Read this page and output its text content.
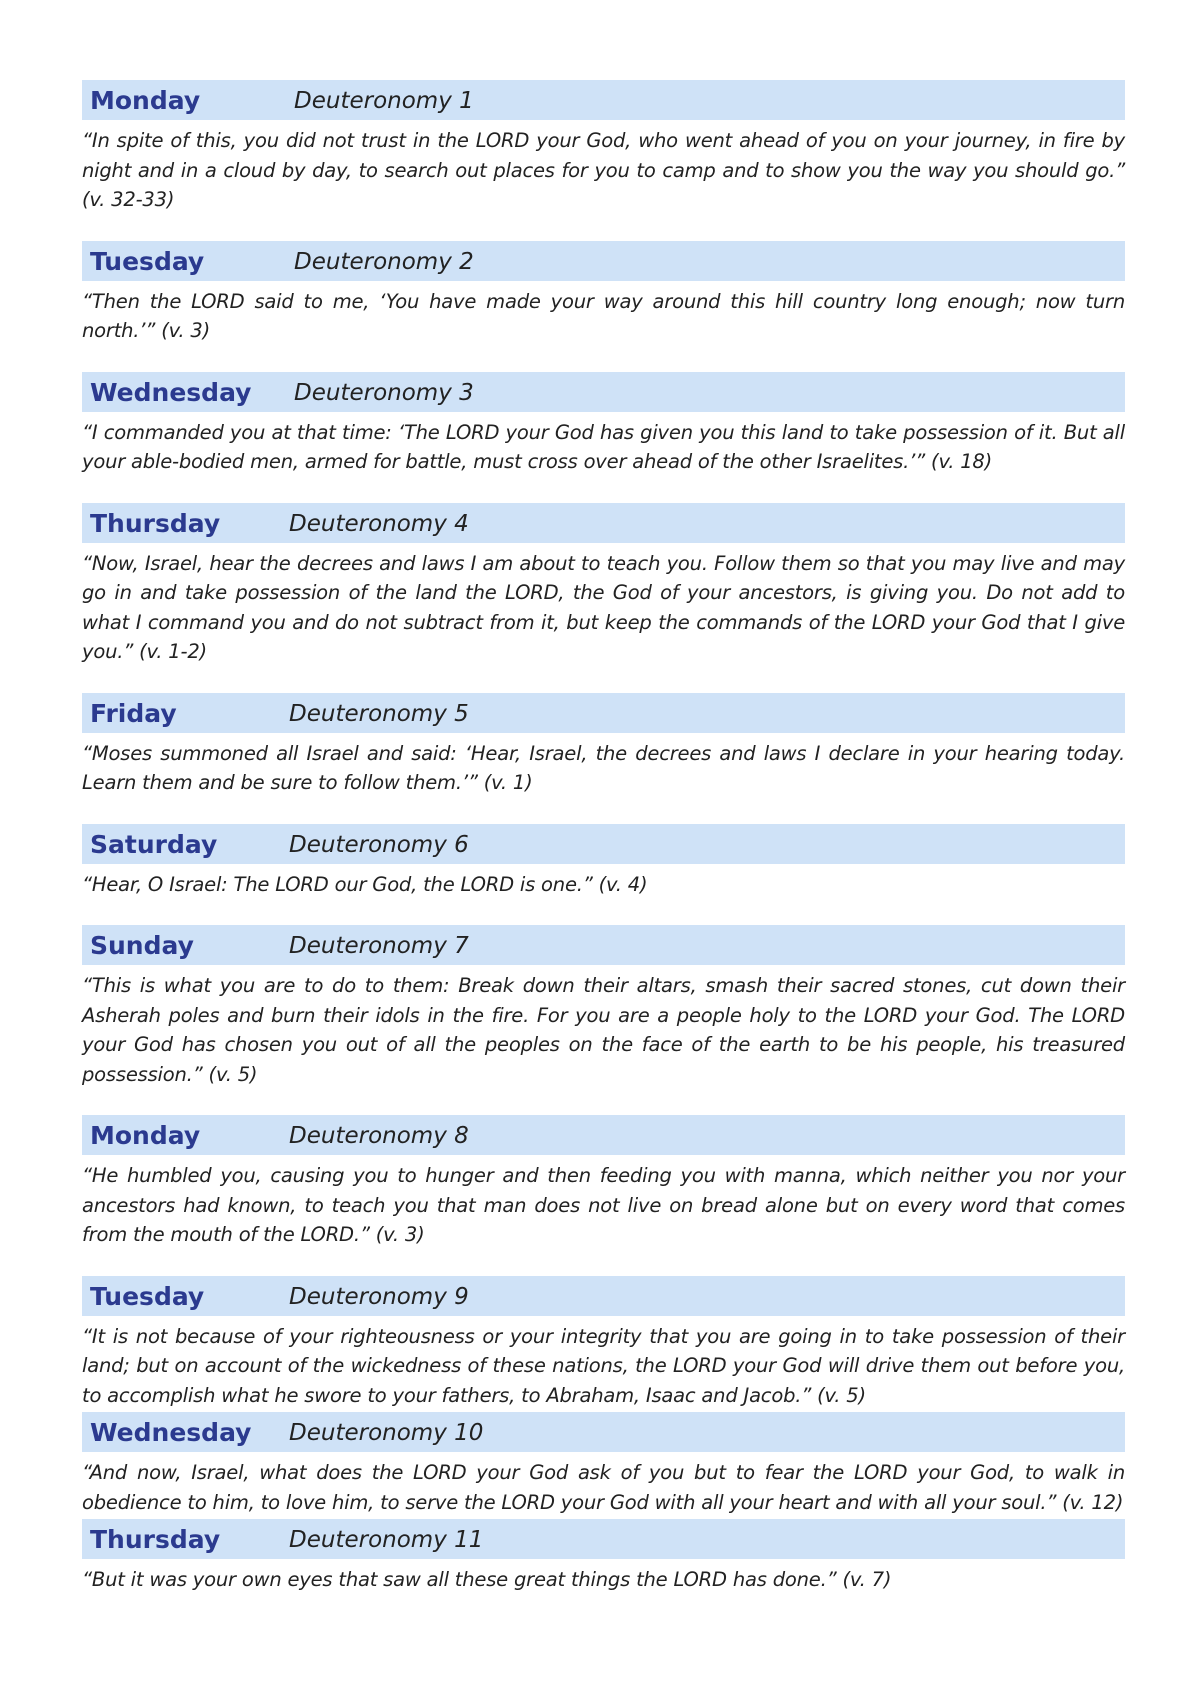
Monday	Deuteronomy 1

“In spite of this, you did not trust in the LORD your God, who went ahead of you on your journey, in fire by night and in a cloud by day, to search out places for you to camp and to show you the way you should go.” (v. 32-33)

Tuesday	Deuteronomy 2

“Then the LORD said to me, ‘You have made your way around this hill country long enough; now turn north.’” (v. 3)

Wednesday Deuteronomy 3

“I commanded you at that time: ‘The LORD your God has given you this land to take possession of it. But all your able-bodied men, armed for battle, must cross over ahead of the other Israelites.’” (v. 18)

Thursday	Deuteronomy 4

“Now, Israel, hear the decrees and laws I am about to teach you. Follow them so that you may live and may go in and take possession of the land the LORD, the God of your ancestors, is giving you. Do not add to what I command you and do not subtract from it, but keep the commands of the LORD your God that I give you.” (v. 1-2)

Friday	Deuteronomy 5

“Moses summoned all Israel and said: ‘Hear, Israel, the decrees and laws I declare in your hearing today. Learn them and be sure to follow them.’” (v. 1)

Saturday	Deuteronomy 6

“Hear, O Israel: The LORD our God, the LORD is one.” (v. 4)

Sunday	Deuteronomy 7

“This is what you are to do to them: Break down their altars, smash their sacred stones, cut down their Asherah poles and burn their idols in the fire. For you are a people holy to the LORD your God. The LORD your God has chosen you out of all the peoples on the face of the earth to be his people, his treasured possession.” (v. 5)

Monday	Deuteronomy 8

“He humbled you, causing you to hunger and then feeding you with manna, which neither you nor your ancestors had known, to teach you that man does not live on bread alone but on every word that comes from the mouth of the LORD.” (v. 3)

Tuesday	Deuteronomy 9

“It is not because of your righteousness or your integrity that you are going in to take possession of their land; but on account of the wickedness of these nations, the LORD your God will drive them out before you, to accomplish what he swore to your fathers, to Abraham, Isaac and Jacob.” (v. 5)

Wednesday Deuteronomy 10

“And now, Israel, what does the LORD your God ask of you but to fear the LORD your God, to walk in obedience to him, to love him, to serve the LORD your God with all your heart and with all your soul.” (v. 12)

Thursday	Deuteronomy 11

“But it was your own eyes that saw all these great things the LORD has done.” (v. 7)
